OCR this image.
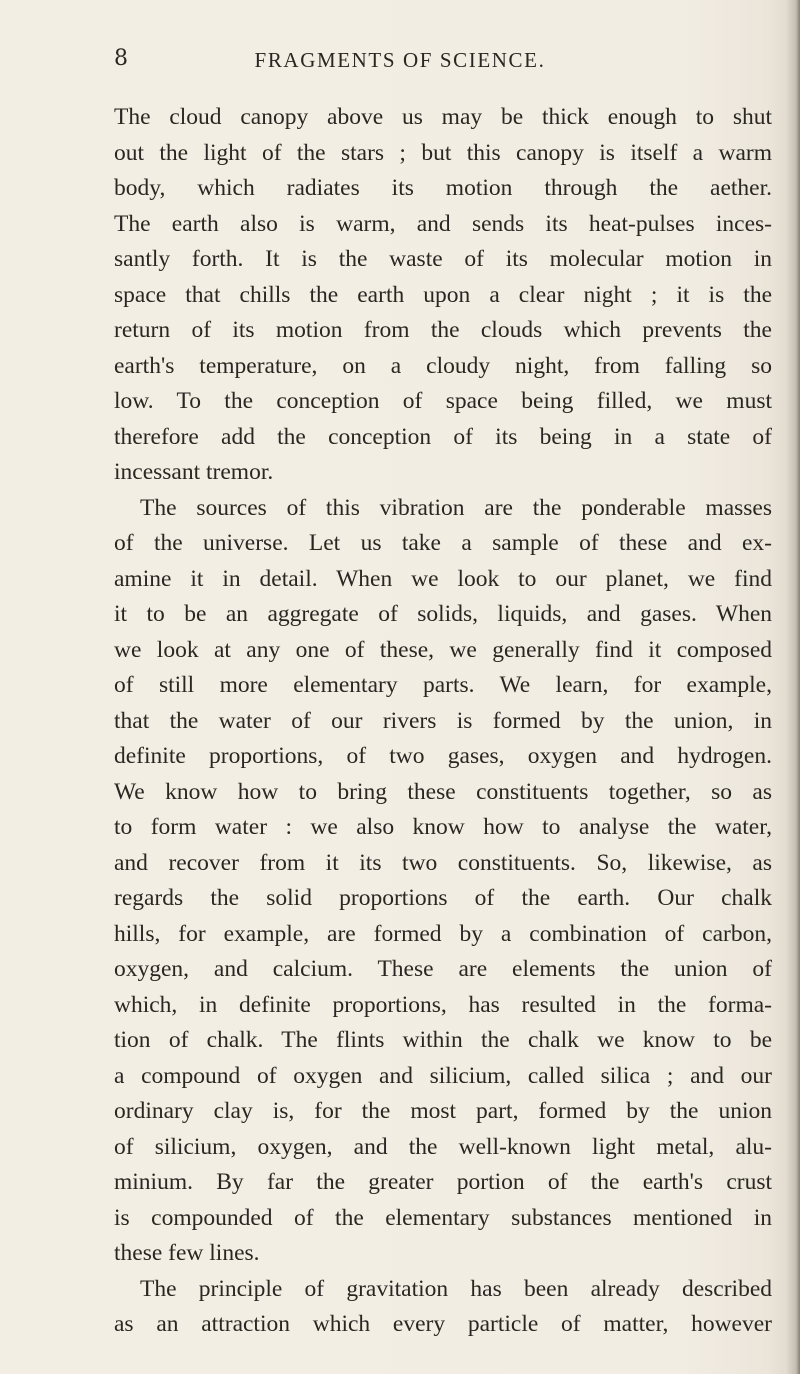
8	FRAGMENTS OF SCIENCE.
The cloud canopy above us may be thick enough to shut
out the light of the stars ; but this canopy is itself a warm
body, which radiates its motion through the aether.
The earth also is warm, and sends its heat-pulses inces-
santly forth. It is the waste of its molecular motion in
space that chills the earth upon a clear night ; it is the
return of its motion from the clouds which prevents the
earth's temperature, on a cloudy night, from falling so
low. To the conception of space being filled, we must
therefore add the conception of its being in a state of
incessant tremor.
The sources of this vibration are the ponderable masses
of the universe. Let us take a sample of these and ex-
amine it in detail. When we look to our planet, we find
it to be an aggregate of solids, liquids, and gases. When
we look at any one of these, we generally find it composed
of still more elementary parts. We learn, for example,
that the water of our rivers is formed by the union, in
definite proportions, of two gases, oxygen and hydrogen.
We know how to bring these constituents together, so as
to form water : we also know how to analyse the water,
and recover from it its two constituents. So, likewise, as
regards the solid proportions of the earth. Our chalk
hills, for example, are formed by a combination of carbon,
oxygen, and calcium. These are elements the union of
which, in definite proportions, has resulted in the forma-
tion of chalk. The flints within the chalk we know to be
a compound of oxygen and silicium, called silica ; and our
ordinary clay is, for the most part, formed by the union
of silicium, oxygen, and the well-known light metal, alu-
minium. By far the greater portion of the earth's crust
is compounded of the elementary substances mentioned in
these few lines.
The principle of gravitation has been already described
as an attraction which every particle of matter, however
